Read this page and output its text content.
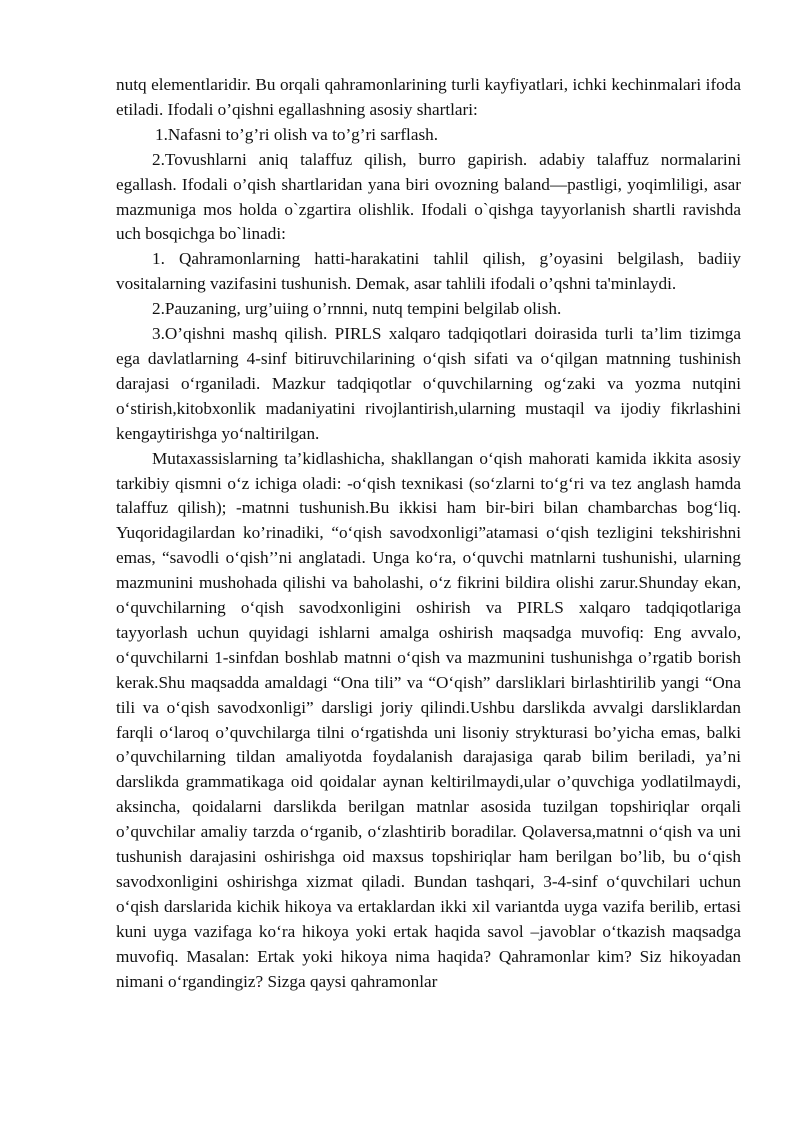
nutq elementlaridir. Bu orqali qahramonlarining turli kayfiyatlari, ichki kechinmalari ifoda etiladi. Ifodali o’qishni egallashning asosiy shartlari:

1.Nafasni to’g’ri olish va to’g’ri sarflash.

2.Tovushlarni aniq talaffuz qilish, burro gapirish. adabiy talaffuz normalarini egallash. Ifodali o’qish shartlaridan yana biri ovozning baland—pastligi, yoqimliligi, asar mazmuniga mos holda o`zgartira olishlik. Ifodali o`qishga tayyorlanish shartli ravishda uch bosqichga bo`linadi:

1. Qahramonlarning hatti-harakatini tahlil qilish, g’oyasini belgilash, badiiy vositalarning vazifasini tushunish. Demak, asar tahlili ifodali o’qshni ta'minlaydi.

2.Pauzaning, urg’uiing o’rnnni, nutq tempini belgilab olish.

3.O’qishni mashq qilish. PIRLS xalqaro tadqiqotlari doirasida turli ta’lim tizimga ega davlatlarning 4-sinf bitiruvchilarining o‘qish sifati va o‘qilgan matnning tushinish darajasi o‘rganiladi. Mazkur tadqiqotlar o‘quvchilarning og‘zaki va yozma nutqini o‘stirish,kitobxonlik madaniyatini rivojlantirish,ularning mustaqil va ijodiy fikrlashini kengaytirishga yo‘naltirilgan.

Mutaxassislarning ta’kidlashicha, shakllangan o‘qish mahorati kamida ikkita asosiy tarkibiy qismni o‘z ichiga oladi: -o‘qish texnikasi (so‘zlarni to‘g‘ri va tez anglash hamda talaffuz qilish); -matnni tushunish.Bu ikkisi ham bir-biri bilan chambarchas bog‘liq. Yuqoridagilardan ko’rinadiki, “o‘qish savodxonligi”atamasi o‘qish tezligini tekshirishni emas, “savodli o‘qish’’ni anglatadi. Unga ko‘ra, o‘quvchi matnlarni tushunishi, ularning mazmunini mushohada qilishi va baholashi, o‘z fikrini bildira olishi zarur.Shunday ekan, o‘quvchilarning o‘qish savodxonligini oshirish va PIRLS xalqaro tadqiqotlariga tayyorlash uchun quyidagi ishlarni amalga oshirish maqsadga muvofiq: Eng avvalo, o‘quvchilarni 1-sinfdan boshlab matnni o‘qish va mazmunini tushunishga o’rgatib borish kerak.Shu maqsadda amaldagi “Ona tili” va “O‘qish” darsliklari birlashtirilib yangi “Ona tili va o‘qish savodxonligi” darsligi joriy qilindi.Ushbu darslikda avvalgi darsliklardan farqli o‘laroq o’quvchilarga tilni o‘rgatishda uni lisoniy strykturasi bo’yicha emas, balki o’quvchilarning tildan amaliyotda foydalanish darajasiga qarab bilim beriladi, ya’ni darslikda grammatikaga oid qoidalar aynan keltirilmaydi,ular o’quvchiga yodlatilmaydi, aksincha, qoidalarni darslikda berilgan matnlar asosida tuzilgan topshiriqlar orqali o’quvchilar amaliy tarzda o‘rganib, o‘zlashtirib boradilar. Qolaversa,matnni o‘qish va uni tushunish darajasini oshirishga oid maxsus topshiriqlar ham berilgan bo’lib, bu o‘qish savodxonligini oshirishga xizmat qiladi. Bundan tashqari, 3-4-sinf o‘quvchilari uchun o‘qish darslarida kichik hikoya va ertaklardan ikki xil variantda uyga vazifa berilib, ertasi kuni uyga vazifaga ko‘ra hikoya yoki ertak haqida savol –javoblar o‘tkazish maqsadga muvofiq. Masalan: Ertak yoki hikoya nima haqida? Qahramonlar kim? Siz hikoyadan nimani o‘rgandingiz? Sizga qaysi qahramonlar
